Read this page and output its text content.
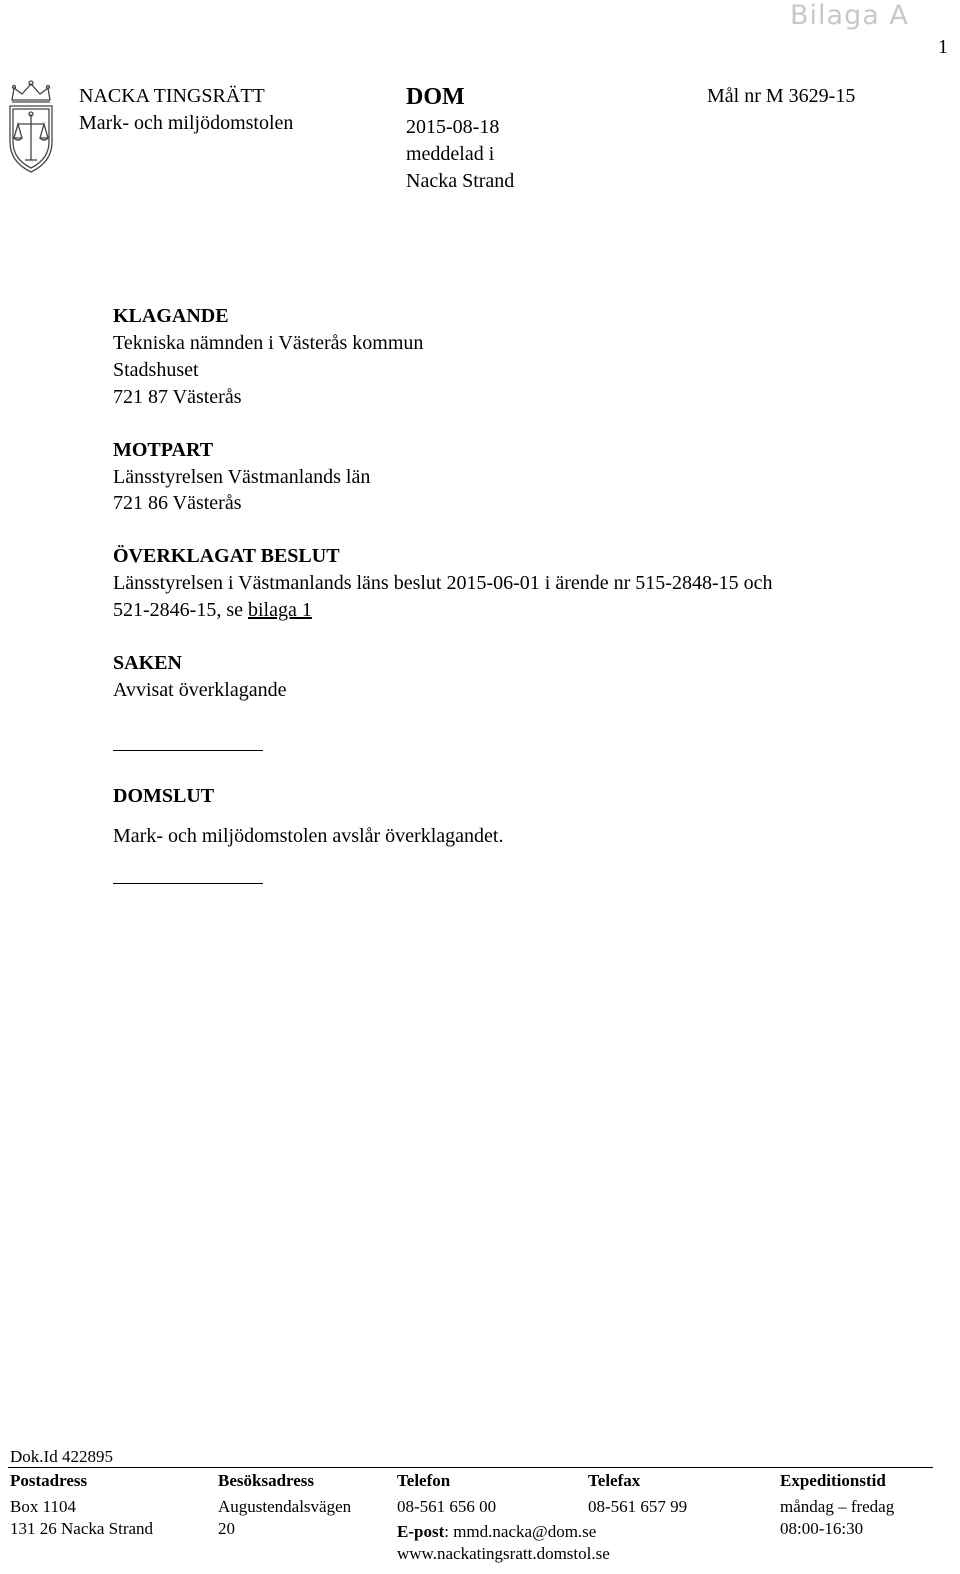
Bilaga A
1
NACKA TINGSRÄTT
Mark- och miljödomstolen
DOM
2015-08-18
meddelad i
Nacka Strand
Mål nr M 3629-15
KLAGANDE
Tekniska nämnden i Västerås kommun
Stadshuset
721 87 Västerås
MOTPART
Länsstyrelsen Västmanlands län
721 86 Västerås
ÖVERKLAGAT BESLUT
Länsstyrelsen i Västmanlands läns beslut 2015-06-01 i ärende nr 515-2848-15 och
521-2846-15, se bilaga 1
SAKEN
Avvisat överklagande
DOMSLUT
Mark- och miljödomstolen avslår överklagandet.
Dok.Id 422895
Postadress
Box 1104
131 26 Nacka Strand
Besöksadress
Augustendalsvägen
20
Telefon
08-561 656 00
E-post: mmd.nacka@dom.se
www.nackatingsratt.domstol.se
Telefax
08-561 657 99
Expeditionstid
måndag – fredag
08:00-16:30
